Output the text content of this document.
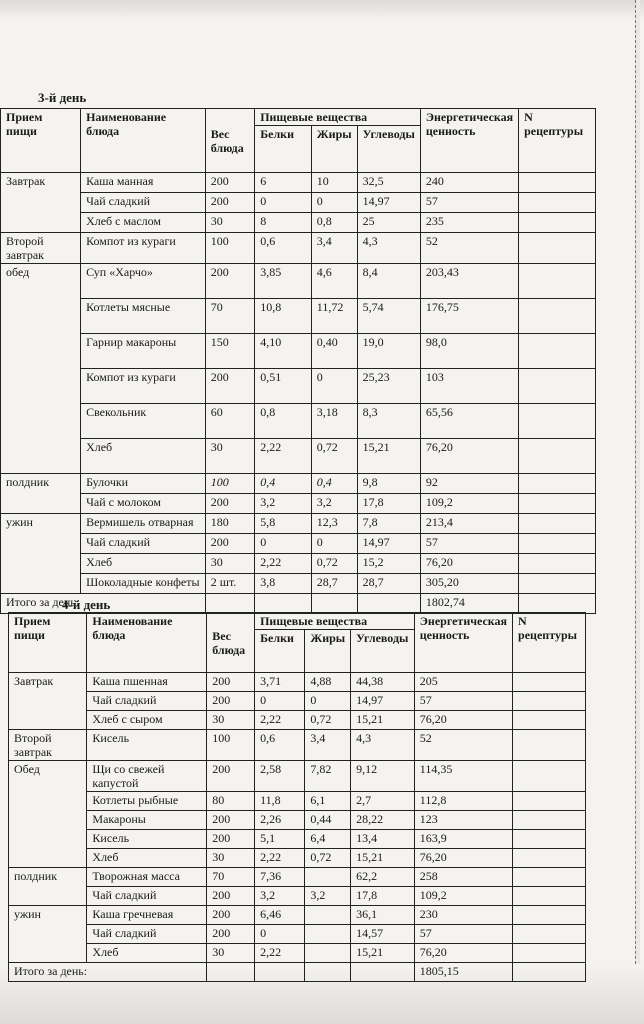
3-й день
Прием пищи	Наименование блюда	Вес блюда	Пищевые вещества			Энергетическая ценность	N рецептуры
			Белки	Жиры	Углеводы		
Завтрак	Каша манная	200	6	10	32,5	240	
	Чай сладкий	200	0	0	14,97	57	
	Хлеб с маслом	30	8	0,8	25	235	
Второй завтрак	Компот из кураги	100	0,6	3,4	4,3	52	
обед	Суп «Харчо»	200	3,85	4,6	8,4	203,43	
	Котлеты мясные	70	10,8	11,72	5,74	176,75	
	Гарнир макароны	150	4,10	0,40	19,0	98,0	
	Компот из кураги	200	0,51	0	25,23	103	
	Свекольник	60	0,8	3,18	8,3	65,56	
	Хлеб	30	2,22	0,72	15,21	76,20	
полдник	Булочки	100	0,4	0,4	9,8	92	
	Чай с молоком	200	3,2	3,2	17,8	109,2	
ужин	Вермишель отварная	180	5,8	12,3	7,8	213,4	
	Чай сладкий	200	0	0	14,97	57	
	Хлеб	30	2,22	0,72	15,2	76,20	
	Шоколадные конфеты	2 шт.	3,8	28,7	28,7	305,20	
Итого за день:						1802,74	
4-й день
Прием пищи	Наименование блюда	Вес блюда	Пищевые вещества			Энергетическая ценность	N рецептуры
			Белки	Жиры	Углеводы		
Завтрак	Каша пшенная	200	3,71	4,88	44,38	205	
	Чай сладкий	200	0	0	14,97	57	
	Хлеб с сыром	30	2,22	0,72	15,21	76,20	
Второй завтрак	Кисель	100	0,6	3,4	4,3	52	
Обед	Щи со свежей капустой	200	2,58	7,82	9,12	114,35	
	Котлеты рыбные	80	11,8	6,1	2,7	112,8	
	Макароны	200	2,26	0,44	28,22	123	
	Кисель	200	5,1	6,4	13,4	163,9	
	Хлеб	30	2,22	0,72	15,21	76,20	
полдник	Творожная масса	70	7,36		62,2	258	
	Чай сладкий	200	3,2	3,2	17,8	109,2	
ужин	Каша гречневая	200	6,46		36,1	230	
	Чай сладкий	200	0		14,57	57	
	Хлеб	30	2,22		15,21	76,20	
Итого за день:						1805,15	
